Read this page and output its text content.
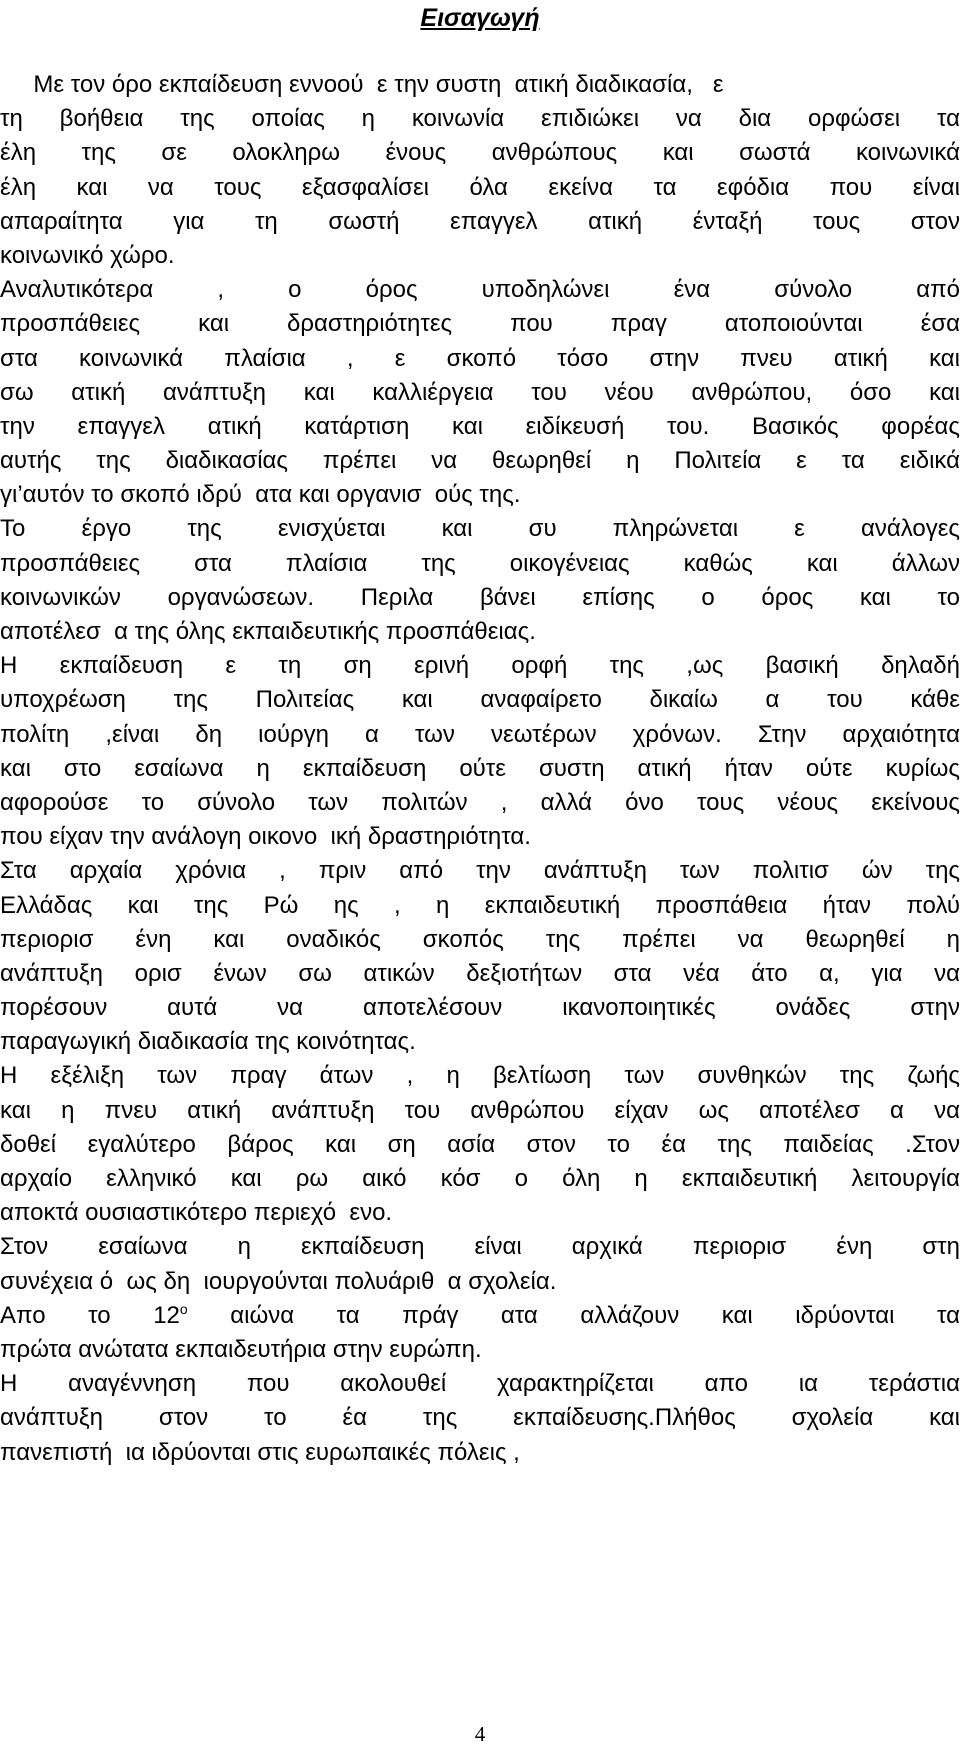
Εισαγωγή
Με τον όρο εκπαίδευση εννοού  ε την συστη  ατική διαδικασία,   ε
τη βοήθεια της οποίας η κοινωνία επιδιώκει να δια ορφώσει τα
έλη της σε ολοκληρω ένους ανθρώπους και σωστά κοινωνικά
έλη και να τους εξασφαλίσει όλα εκείνα τα εφόδια που είναι
απαραίτητα για τη σωστή επαγγελ ατική ένταξή τους στον
κοινωνικό χώρο.
Αναλυτικότερα , ο όρος υποδηλώνει ένα σύνολο από
προσπάθειες και δραστηριότητες που πραγ ατοποιούνται έσα
στα κοινωνικά πλαίσια , ε σκοπό τόσο στην πνευ ατική και
σω ατική ανάπτυξη και καλλιέργεια του νέου ανθρώπου, όσο και
την επαγγελ ατική κατάρτιση και ειδίκευσή του. Βασικός φορέας
αυτής της διαδικασίας πρέπει να θεωρηθεί η Πολιτεία ε τα ειδικά
γι’αυτόν το σκοπό ιδρύ  ατα και οργανισ  ούς της.
Το έργο της ενισχύεται και συ πληρώνεται ε ανάλογες
προσπάθειες στα πλαίσια της οικογένειας καθώς και άλλων
κοινωνικών οργανώσεων. Περιλα βάνει επίσης ο όρος και το
αποτέλεσ  α της όλης εκπαιδευτικής προσπάθειας.
Η εκπαίδευση ε τη ση ερινή ορφή της ,ως βασική δηλαδή
υποχρέωση της Πολιτείας και αναφαίρετο δικαίω α του κάθε
πολίτη ,είναι δη ιούργη α των νεωτέρων χρόνων. Στην αρχαιότητα
και στο εσαίωνα η εκπαίδευση ούτε συστη ατική ήταν ούτε κυρίως
αφορούσε το σύνολο των πολιτών , αλλά όνο τους νέους εκείνους
που είχαν την ανάλογη οικονο  ική δραστηριότητα.
Στα αρχαία χρόνια , πριν από την ανάπτυξη των πολιτισ ών της
Ελλάδας και της Ρώ ης , η εκπαιδευτική προσπάθεια ήταν πολύ
περιορισ ένη και οναδικός σκοπός της πρέπει να θεωρηθεί η
ανάπτυξη ορισ ένων σω ατικών δεξιοτήτων στα νέα άτο α, για να
πορέσουν αυτά να αποτελέσουν ικανοποιητικές ονάδες στην
παραγωγική διαδικασία της κοινότητας.
Η εξέλιξη των πραγ άτων , η βελτίωση των συνθηκών της ζωής
και η πνευ ατική ανάπτυξη του ανθρώπου είχαν ως αποτέλεσ α να
δοθεί εγαλύτερο βάρος και ση ασία στον το έα της παιδείας .Στον
αρχαίο ελληνικό και ρω αικό κόσ ο όλη η εκπαιδευτική λειτουργία
αποκτά ουσιαστικότερο περιεχό  ενο.
Στον εσαίωνα η εκπαίδευση είναι αρχικά περιορισ ένη στη
συνέχεια ό  ως δη  ιουργούνται πολυάριθ  α σχολεία.
Απο το $12^o$ αιώνα τα πράγ ατα αλλάζουν και ιδρύονται τα
πρώτα ανώτατα εκπαιδευτήρια στην ευρώπη.
Η αναγέννηση που ακολουθεί χαρακτηρίζεται απο ια τεράστια
ανάπτυξη στον το έα της εκπαίδευσης.Πλήθος σχολεία και
πανεπιστή  ια ιδρύονται στις ευρωπαικές πόλεις ,
4
